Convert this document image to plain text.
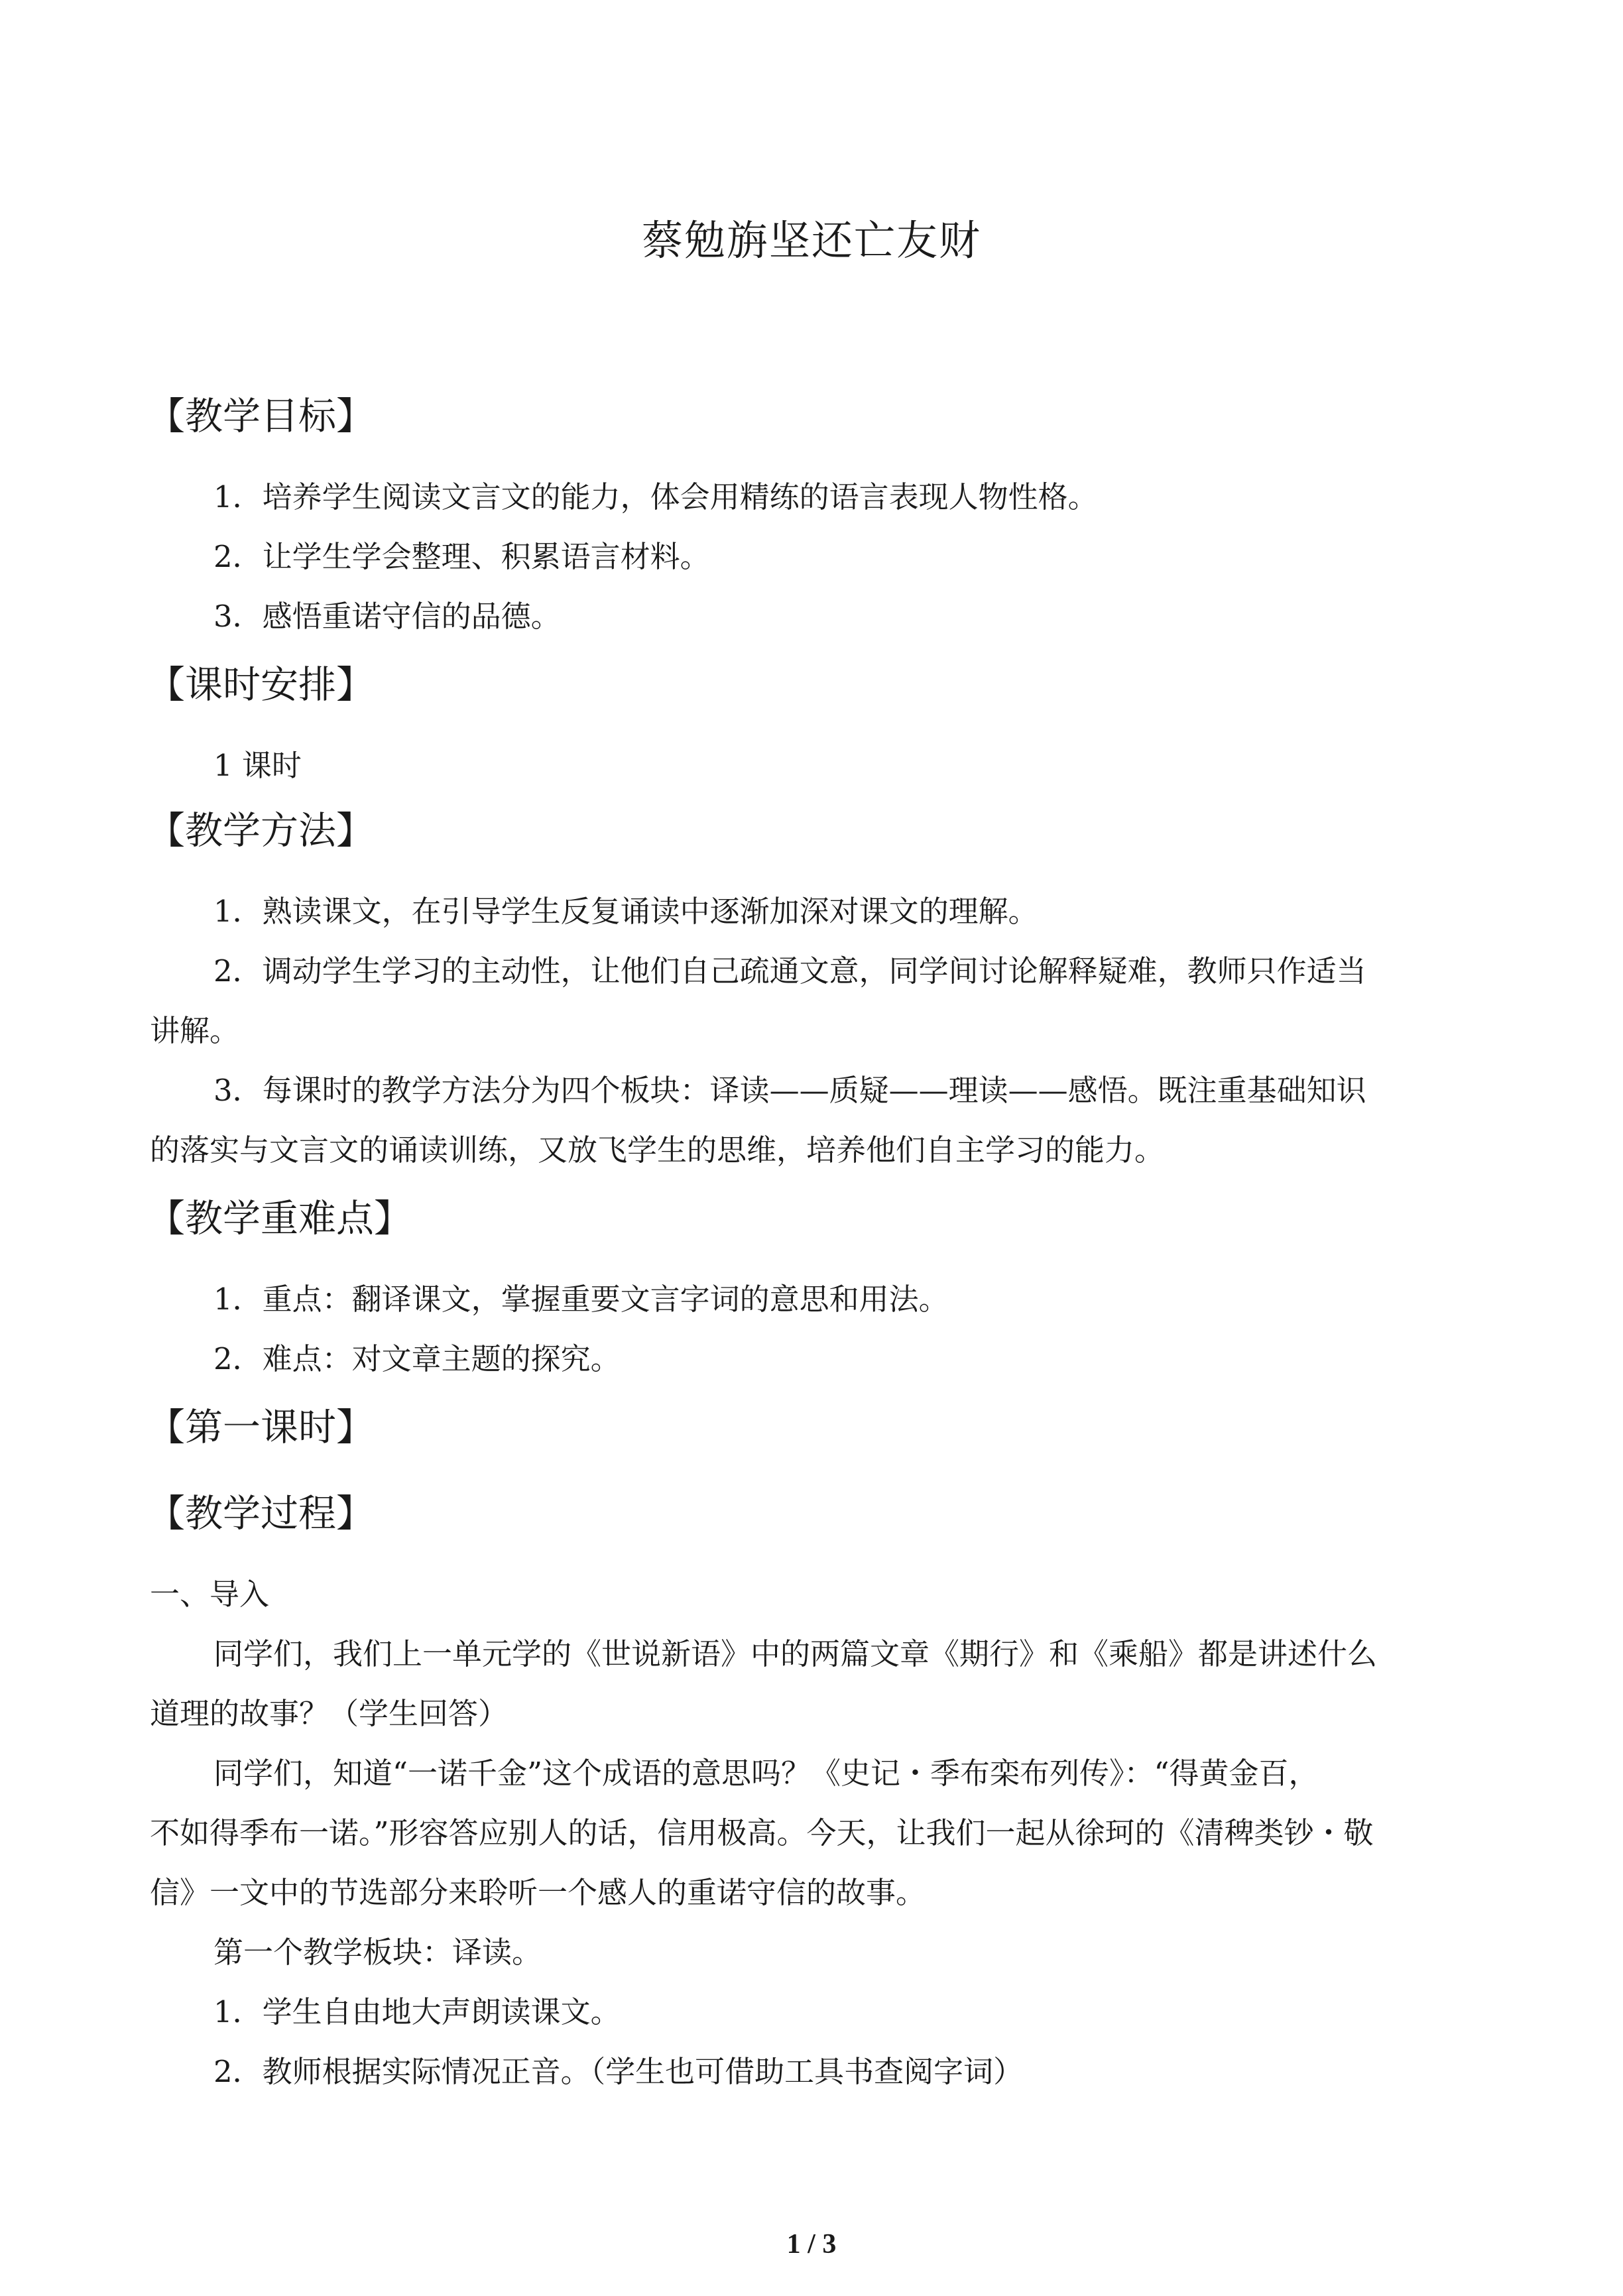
蔡勉旃坚还亡友财
【教学目标】
1．培养学生阅读文言文的能力，体会用精练的语言表现人物性格。
2．让学生学会整理、积累语言材料。
3．感悟重诺守信的品德。
【课时安排】
1 课时
【教学方法】
1．熟读课文，在引导学生反复诵读中逐渐加深对课文的理解。
2．调动学生学习的主动性，让他们自己疏通文意，同学间讨论解释疑难，教师只作适当
讲解。
3．每课时的教学方法分为四个板块：译读——质疑——理读——感悟。既注重基础知识
的落实与文言文的诵读训练，又放飞学生的思维，培养他们自主学习的能力。
【教学重难点】
1．重点：翻译课文，掌握重要文言字词的意思和用法。
2．难点：对文章主题的探究。
【第一课时】
【教学过程】
一、导入
同学们，我们上一单元学的《世说新语》中的两篇文章《期行》和《乘船》都是讲述什么
道理的故事？（学生回答）
同学们，知道“一诺千金”这个成语的意思吗？《史记・季布栾布列传》：“得黄金百，
不如得季布一诺。”形容答应别人的话，信用极高。今天，让我们一起从徐珂的《清稗类钞・敬
信》一文中的节选部分来聆听一个感人的重诺守信的故事。
第一个教学板块：译读。
1．学生自由地大声朗读课文。
2．教师根据实际情况正音。（学生也可借助工具书查阅字词）
1 / 3
